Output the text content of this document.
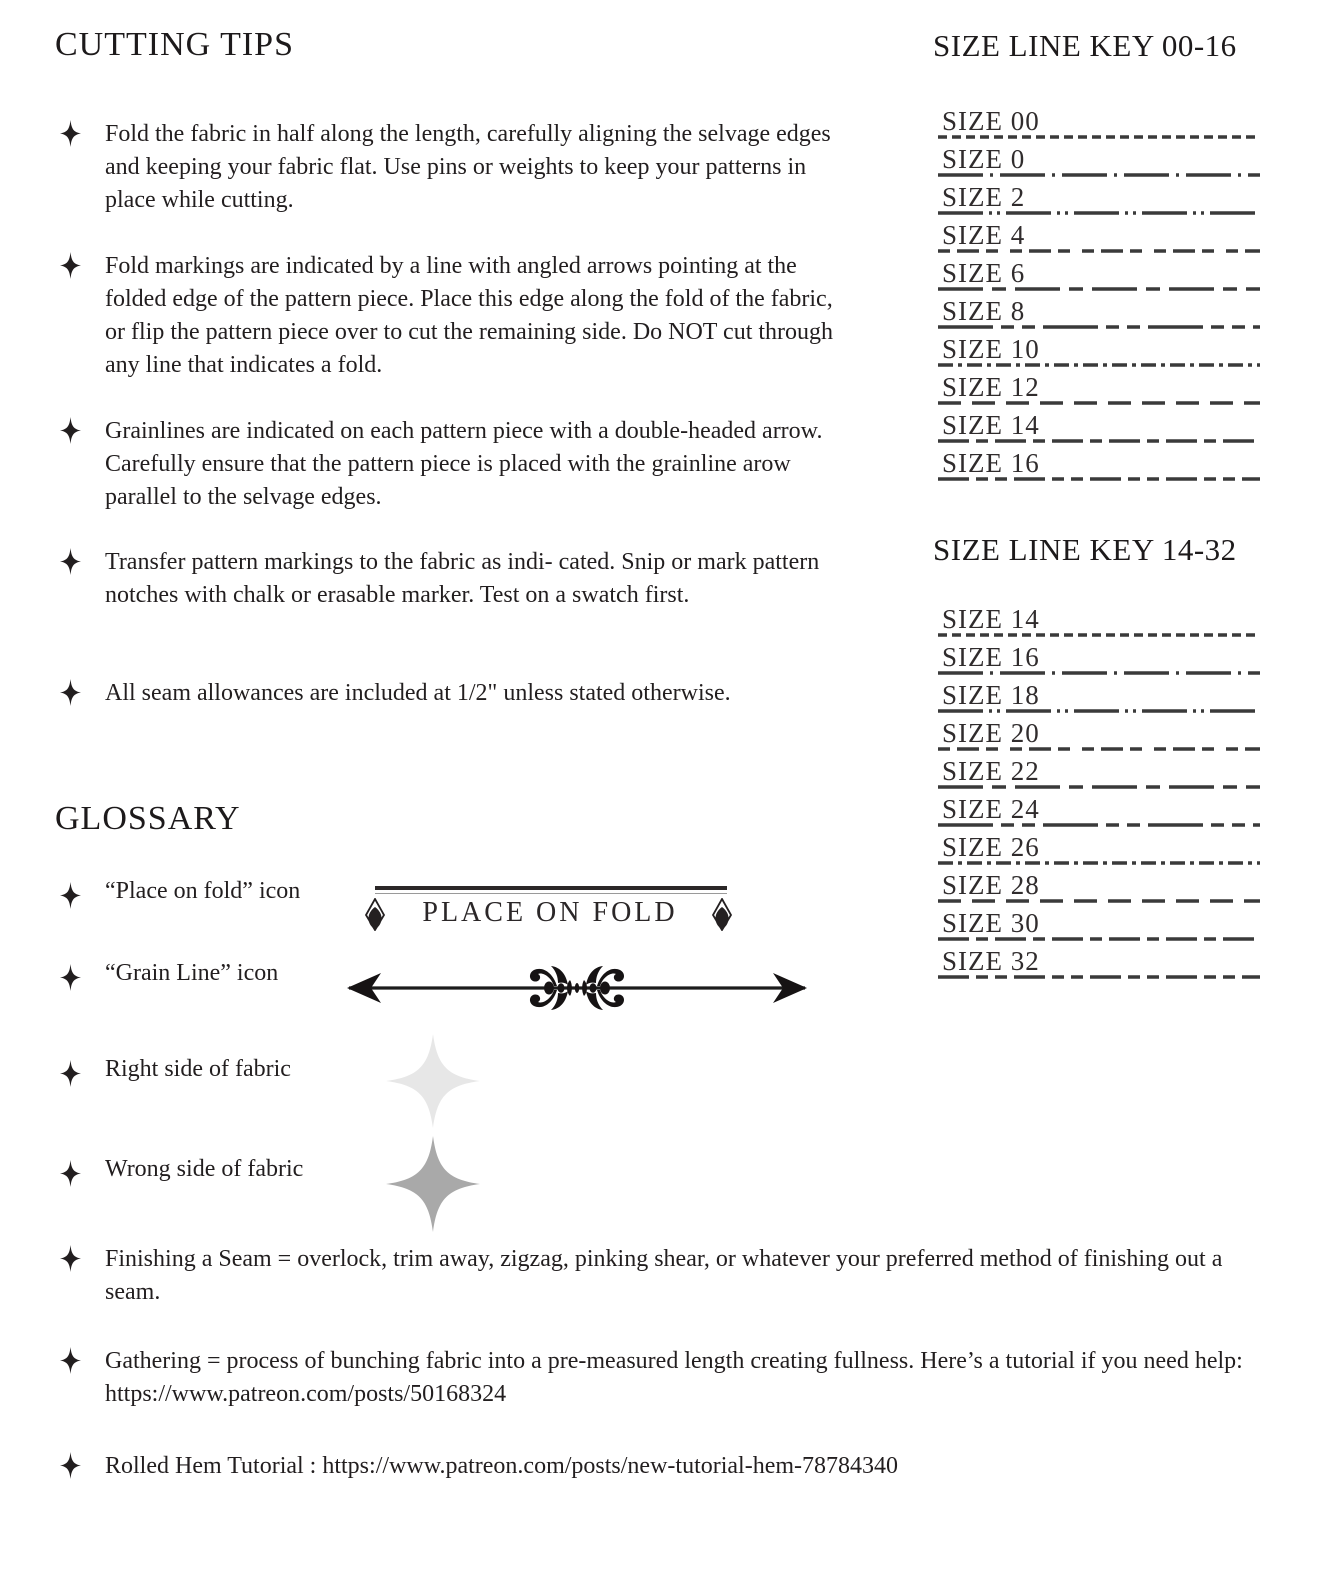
CUTTING TIPS
Fold the fabric in half along the length, carefully aligning the selvage edges and keeping your fabric flat. Use pins or weights to keep your patterns in place while cutting.
Fold markings are indicated by a line with angled arrows pointing at the folded edge of the pattern piece. Place this edge along the fold of the fabric, or flip the pattern piece over to cut the remaining side. Do NOT cut through any line that indicates a fold.
Grainlines are indicated on each pattern piece with a double-headed arrow. Carefully ensure that the pattern piece is placed with the grainline arow parallel to the selvage edges.
Transfer pattern markings to the fabric as indi- cated. Snip or mark pattern notches with chalk or erasable marker. Test on a swatch first.
All seam allowances are included at 1/2" unless stated otherwise.
GLOSSARY
“Place on fold” icon
PLACE ON FOLD
“Grain Line” icon
Right side of fabric
Wrong side of fabric
Finishing a Seam = overlock, trim away, zigzag, pinking shear, or whatever your preferred method of finishing out a seam.
Gathering = process of bunching fabric into a pre-measured length creating fullness. Here’s a tutorial if you need help: https://www.patreon.com/posts/50168324
Rolled Hem Tutorial : https://www.patreon.com/posts/new-tutorial-hem-78784340
SIZE LINE KEY 00-16
SIZE 00
SIZE 0
SIZE 2
SIZE 4
SIZE 6
SIZE 8
SIZE 10
SIZE 12
SIZE 14
SIZE 16
SIZE LINE KEY 14-32
SIZE 14
SIZE 16
SIZE 18
SIZE 20
SIZE 22
SIZE 24
SIZE 26
SIZE 28
SIZE 30
SIZE 32
